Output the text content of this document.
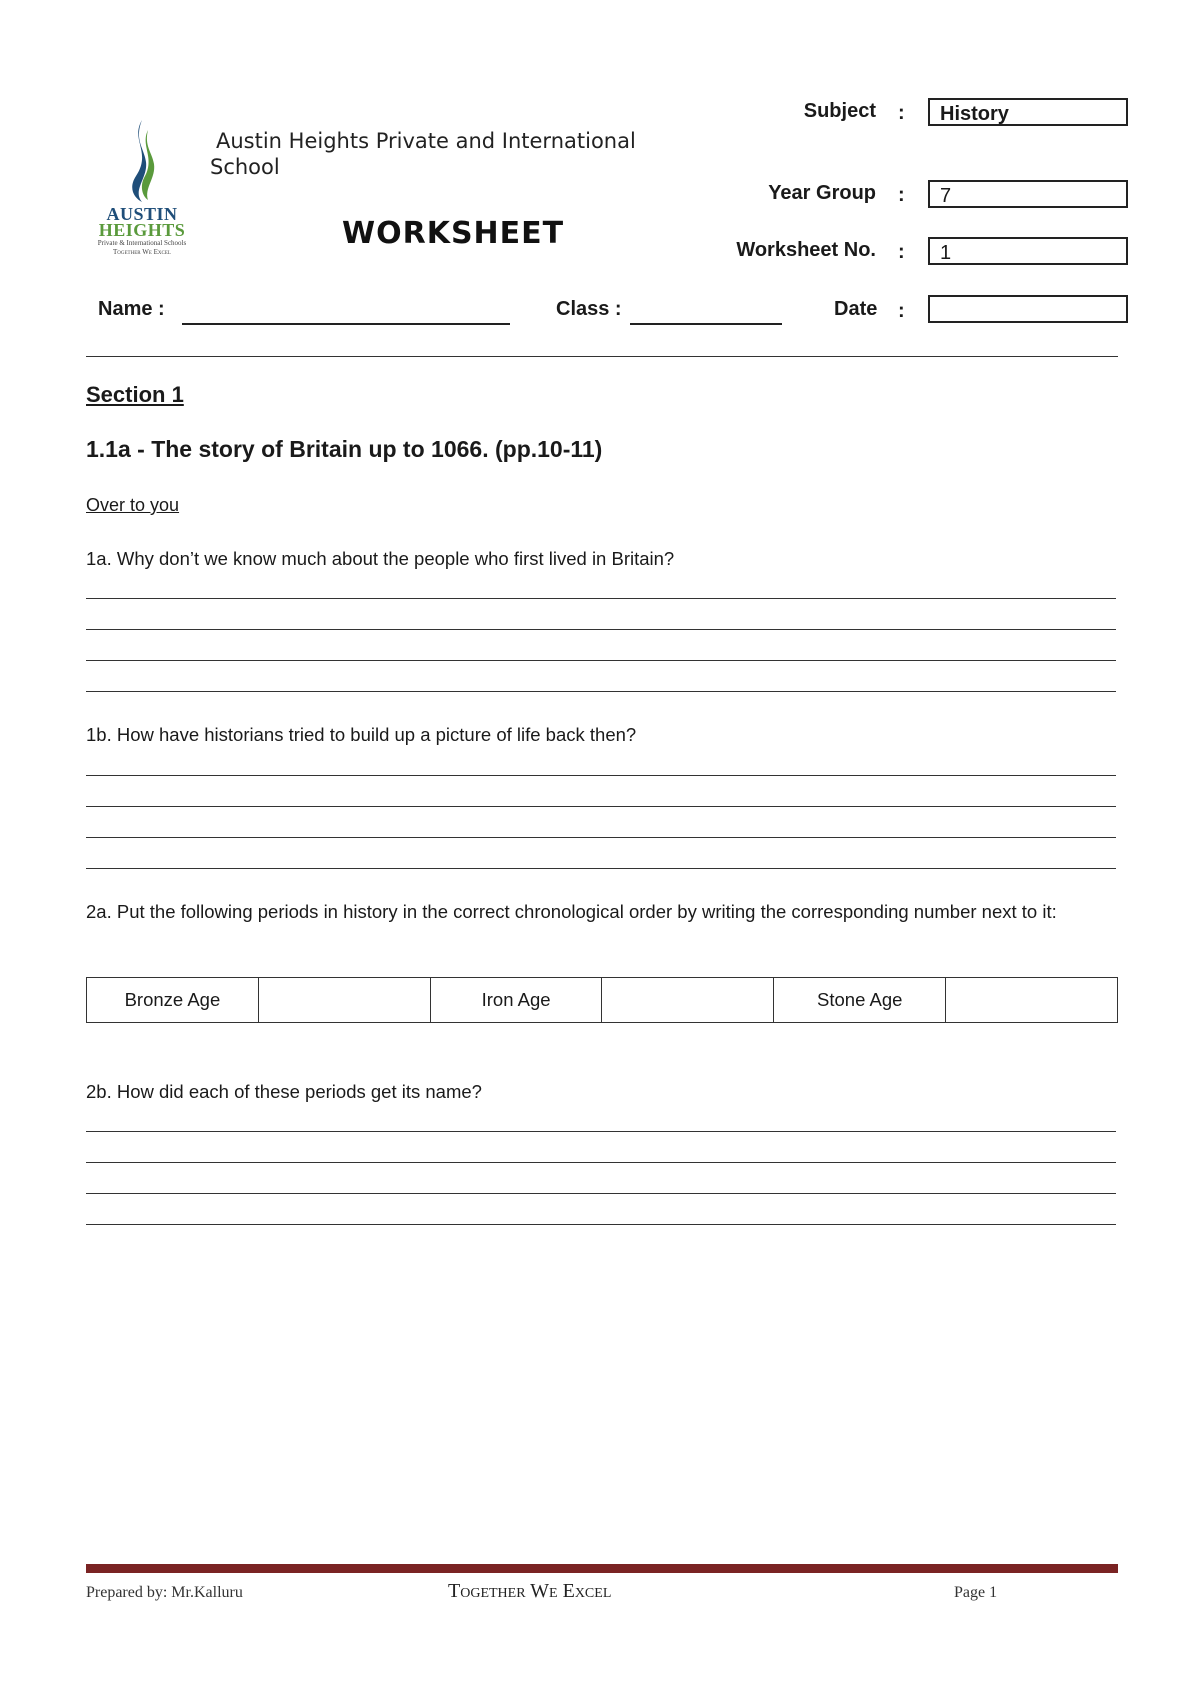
AUSTIN
HEIGHTS
Private & International Schools
Together We Excel
Austin Heights Private and International
School
WORKSHEET
Subject :	History
Year Group :	7
Worksheet No. :	1
Name :	Class :	Date :
Section 1
1.1a - The story of Britain up to 1066. (pp.10-11)
Over to you
1a. Why don’t we know much about the people who first lived in Britain?
1b. How have historians tried to build up a picture of life back then?
2a. Put the following periods in history in the correct chronological order by writing the corresponding number next to it:
Bronze Age		Iron Age		Stone Age	
2b. How did each of these periods get its name?
Prepared by: Mr.Kalluru	Together We Excel	Page 1
